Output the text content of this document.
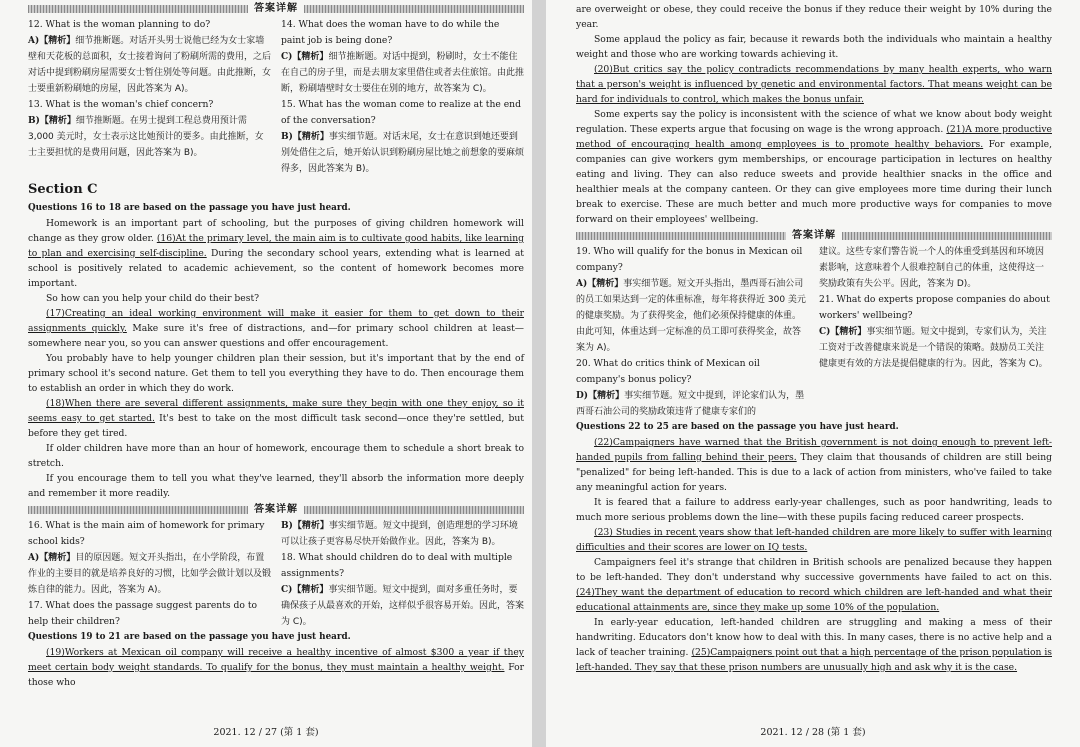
答案详解

12. What is the woman planning to do?

A)【精析】细节推断题。对话开头男士说他已经为女士家墙壁和天花板的总面积，女士接着询问了粉刷所需的费用，之后对话中提到粉刷房屋需要女士暂住别处等问题。由此推断，女士要重新粉刷她的房屋，因此答案为 A)。

13. What is the woman's chief concern?

B)【精析】细节推断题。在男士提到工程总费用预计需 3,000 美元时，女士表示这比她预计的要多。由此推断，女士主要担忧的是费用问题，因此答案为 B)。

14. What does the woman have to do while the paint job is being done?

C)【精析】细节推断题。对话中提到，粉刷时，女士不能住在自己的房子里，而是去朋友家里借住或者去住旅馆。由此推断，粉刷墙壁时女士要住在别的地方，故答案为 C)。

15. What has the woman come to realize at the end of the conversation?

B)【精析】事实细节题。对话末尾，女士在意识到她还要到别处借住之后，她开始认识到粉刷房屋比她之前想象的要麻烦得多，因此答案为 B)。

Section C

Questions 16 to 18 are based on the passage you have just heard.

Homework is an important part of schooling, but the purposes of giving children homework will change as they grow older. (16)At the primary level, the main aim is to cultivate good habits, like learning to plan and exercising self-discipline. During the secondary school years, extending what is learned at school is positively related to academic achievement, so the content of homework becomes more important.

So how can you help your child do their best?

(17)Creating an ideal working environment will make it easier for them to get down to their assignments quickly. Make sure it's free of distractions, and—for primary school children at least—somewhere near you, so you can answer questions and offer encouragement.

You probably have to help younger children plan their session, but it's important that by the end of primary school it's second nature. Get them to tell you everything they have to do. Then encourage them to establish an order in which they do work.

(18)When there are several different assignments, make sure they begin with one they enjoy, so it seems easy to get started. It's best to take on the most difficult task second—once they're settled, but before they get tired.

If older children have more than an hour of homework, encourage them to schedule a short break to stretch.

If you encourage them to tell you what they've learned, they'll absorb the information more deeply and remember it more readily.

答案详解

16. What is the main aim of homework for primary school kids?

A)【精析】目的原因题。短文开头指出，在小学阶段，布置作业的主要目的就是培养良好的习惯，比如学会做计划以及锻炼自律的能力。因此，答案为 A)。

17. What does the passage suggest parents do to help their children?

B)【精析】事实细节题。短文中提到，创造理想的学习环境可以让孩子更容易尽快开始做作业。因此，答案为 B)。

18. What should children do to deal with multiple assignments?

C)【精析】事实细节题。短文中提到，面对多重任务时，要确保孩子从最喜欢的开始，这样似乎很容易开始。因此，答案为 C)。

Questions 19 to 21 are based on the passage you have just heard.

(19)Workers at Mexican oil company will receive a healthy incentive of almost $300 a year if they meet certain body weight standards. To qualify for the bonus, they must maintain a healthy weight. For those who

2021. 12 / 27 (第 1 套)

are overweight or obese, they could receive the bonus if they reduce their weight by 10% during the year.

Some applaud the policy as fair, because it rewards both the individuals who maintain a healthy weight and those who are working towards achieving it.

(20)But critics say the policy contradicts recommendations by many health experts, who warn that a person's weight is influenced by genetic and environmental factors. That means weight can be hard for individuals to control, which makes the bonus unfair.

Some experts say the policy is inconsistent with the science of what we know about body weight regulation. These experts argue that focusing on wage is the wrong approach. (21)A more productive method of encouraging health among employees is to promote healthy behaviors. For example, companies can give workers gym memberships, or encourage participation in lectures on healthy eating and living. They can also reduce sweets and provide healthier snacks in the office and healthier meals at the company canteen. Or they can give employees more time during their lunch break to exercise. These are much better and much more productive ways for companies to move forward on their employees' wellbeing.

答案详解

19. Who will qualify for the bonus in Mexican oil company?

A)【精析】事实细节题。短文开头指出，墨西哥石油公司的员工如果达到一定的体重标准，每年将获得近 300 美元的健康奖励。为了获得奖金，他们必须保持健康的体重。由此可知，体重达到一定标准的员工即可获得奖金，故答案为 A)。

20. What do critics think of Mexican oil company's bonus policy?

D)【精析】事实细节题。短文中提到，评论家们认为，墨西哥石油公司的奖励政策违背了健康专家们的

建议。这些专家们警告说一个人的体重受到基因和环境因素影响，这意味着个人很难控制自己的体重，这使得这一奖励政策有失公平。因此，答案为 D)。

21. What do experts propose companies do about workers' wellbeing?

C)【精析】事实细节题。短文中提到，专家们认为，关注工资对于改善健康来说是一个错误的策略。鼓励员工关注健康更有效的方法是提倡健康的行为。因此，答案为 C)。

Questions 22 to 25 are based on the passage you have just heard.

(22)Campaigners have warned that the British government is not doing enough to prevent left-handed pupils from falling behind their peers. They claim that thousands of children are still being "penalized" for being left-handed. This is due to a lack of action from ministers, who've failed to take any meaningful action for years.

It is feared that a failure to address early-year challenges, such as poor handwriting, leads to much more serious problems down the line—with these pupils facing reduced career prospects.

(23) Studies in recent years show that left-handed children are more likely to suffer with learning difficulties and their scores are lower on IQ tests.

Campaigners feel it's strange that children in British schools are penalized because they happen to be left-handed. They don't understand why successive governments have failed to act on this. (24)They want the department of education to record which children are left-handed and what their educational attainments are, since they make up some 10% of the population.

In early-year education, left-handed children are struggling and making a mess of their handwriting. Educators don't know how to deal with this. In many cases, there is no active help and a lack of teacher training. (25)Campaigners point out that a high percentage of the prison population is left-handed. They say that these prison numbers are unusually high and ask why it is the case.

2021. 12 / 28 (第 1 套)
